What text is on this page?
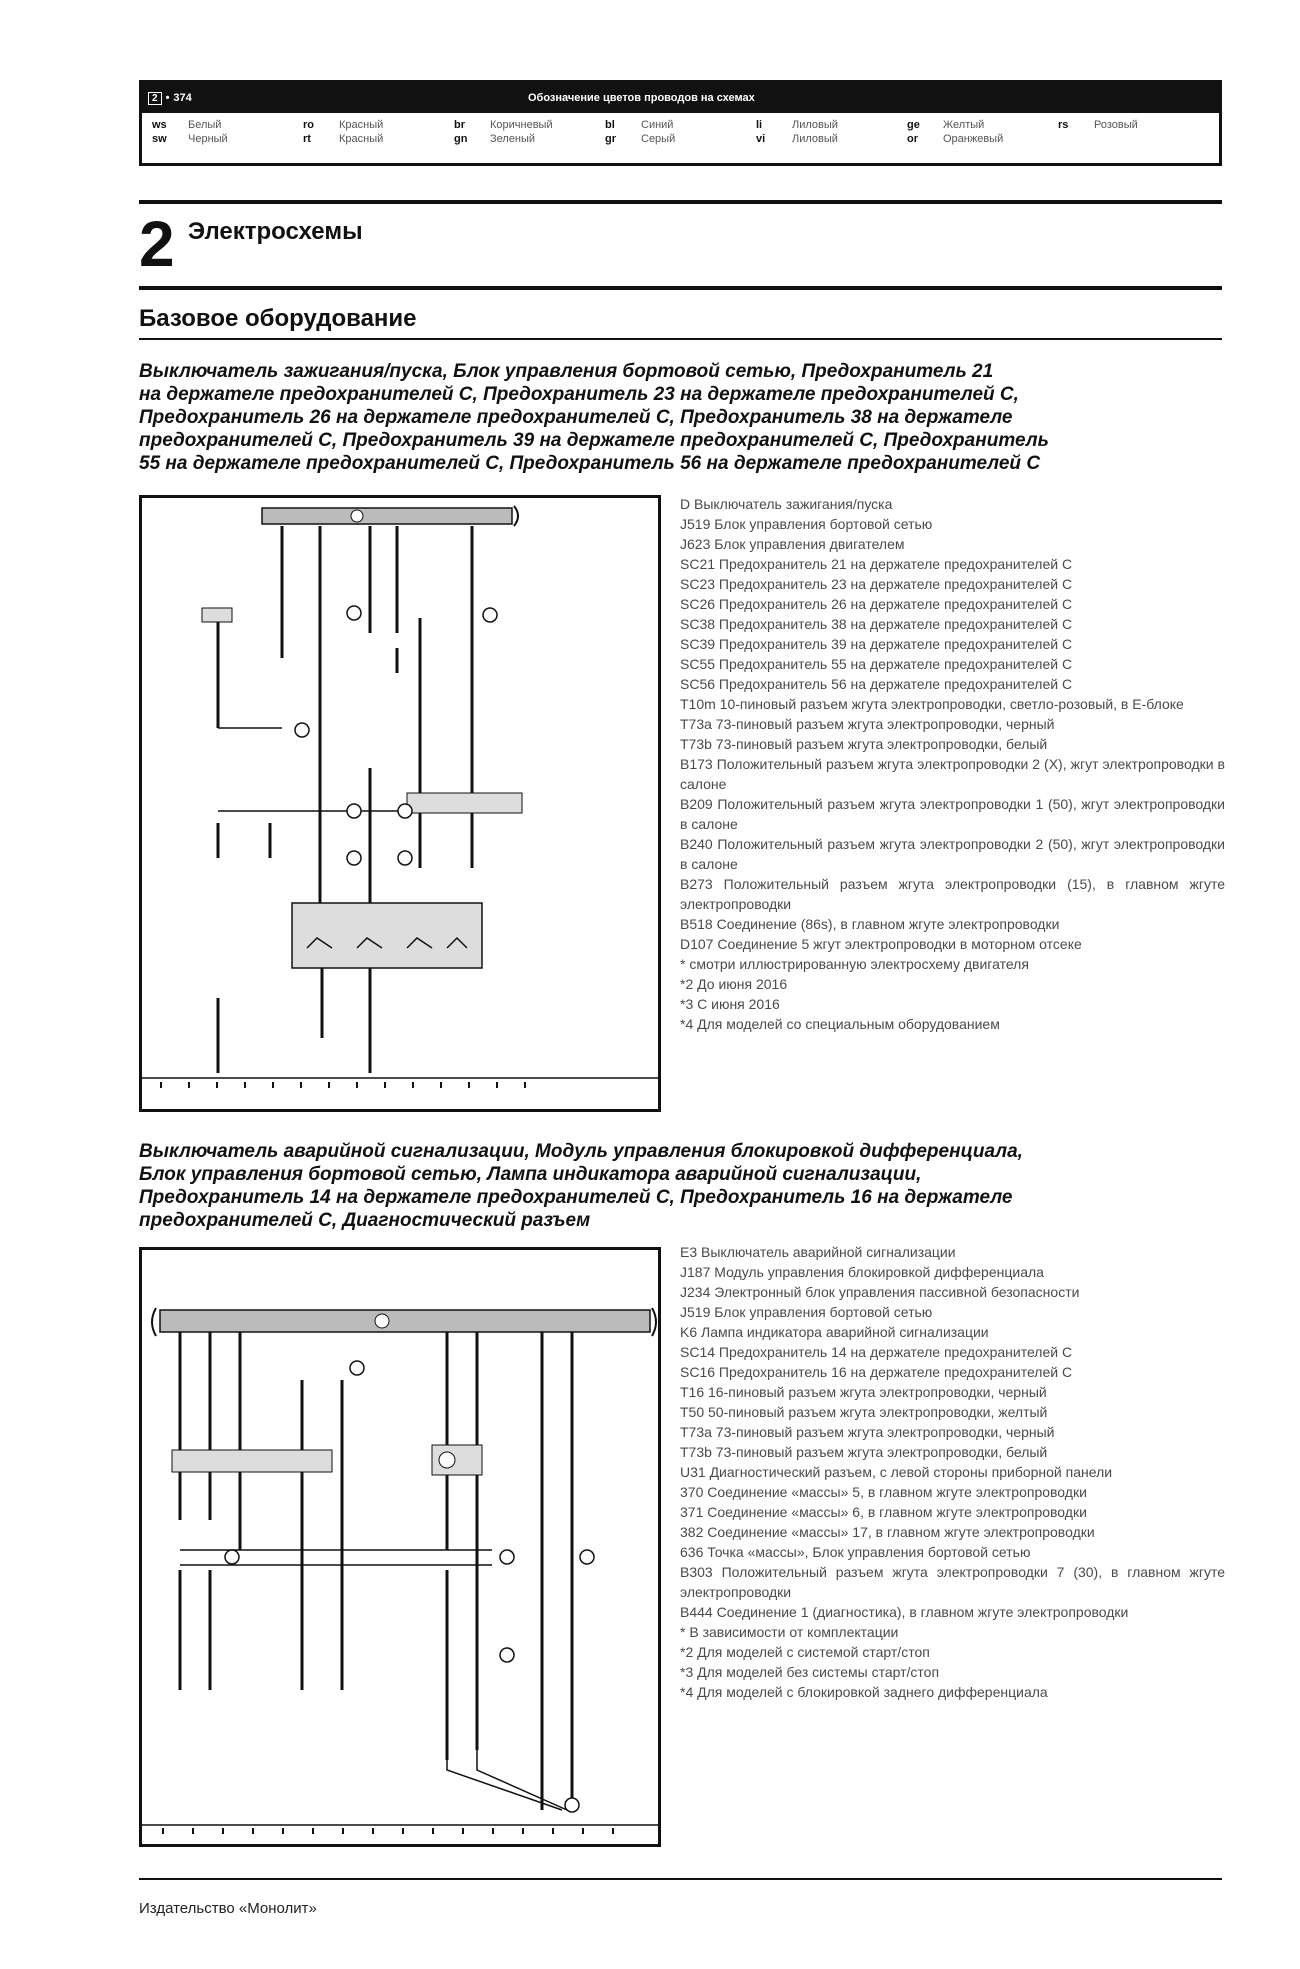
2 • 374	Обозначение цветов проводов на схемах
ws	Белый	ro	Красный	br	Коричневый	bl	Синий	li	Лиловый	ge	Желтый	rs	Розовый
sw	Черный	rt	Красный	gn	Зеленый	gr	Серый	vi	Лиловый	or	Оранжевый
2 Электросхемы
Базовое оборудование
Выключатель зажигания/пуска, Блок управления бортовой сетью, Предохранитель 21
на держателе предохранителей С, Предохранитель 23 на держателе предохранителей С,
Предохранитель 26 на держателе предохранителей С, Предохранитель 38 на держателе
предохранителей С, Предохранитель 39 на держателе предохранителей С, Предохранитель
55 на держателе предохранителей С, Предохранитель 56 на держателе предохранителей С
D Выключатель зажигания/пуска
J519 Блок управления бортовой сетью
J623 Блок управления двигателем
SC21 Предохранитель 21 на держателе предохранителей С
SC23 Предохранитель 23 на держателе предохранителей С
SC26 Предохранитель 26 на держателе предохранителей С
SC38 Предохранитель 38 на держателе предохранителей С
SC39 Предохранитель 39 на держателе предохранителей С
SC55 Предохранитель 55 на держателе предохранителей С
SC56 Предохранитель 56 на держателе предохранителей С
T10m 10-пиновый разъем жгута электропроводки, светло-розовый, в E-блоке
T73a 73-пиновый разъем жгута электропроводки, черный
T73b 73-пиновый разъем жгута электропроводки, белый
B173 Положительный разъем жгута электропроводки 2 (X), жгут электропроводки в салоне
B209 Положительный разъем жгута электропроводки 1 (50), жгут электропроводки в салоне
B240 Положительный разъем жгута электропроводки 2 (50), жгут электропроводки в салоне
B273 Положительный разъем жгута электропроводки (15), в главном жгуте электропроводки
B518 Соединение (86s), в главном жгуте электропроводки
D107 Соединение 5 жгут электропроводки в моторном отсеке
* смотри иллюстрированную электросхему двигателя
*2 До июня 2016
*3 С июня 2016
*4 Для моделей со специальным оборудованием
Выключатель аварийной сигнализации, Модуль управления блокировкой дифференциала,
Блок управления бортовой сетью, Лампа индикатора аварийной сигнализации,
Предохранитель 14 на держателе предохранителей С, Предохранитель 16 на держателе
предохранителей С, Диагностический разъем
E3 Выключатель аварийной сигнализации
J187 Модуль управления блокировкой дифференциала
J234 Электронный блок управления пассивной безопасности
J519 Блок управления бортовой сетью
K6 Лампа индикатора аварийной сигнализации
SC14 Предохранитель 14 на держателе предохранителей С
SC16 Предохранитель 16 на держателе предохранителей С
T16 16-пиновый разъем жгута электропроводки, черный
T50 50-пиновый разъем жгута электропроводки, желтый
T73a 73-пиновый разъем жгута электропроводки, черный
T73b 73-пиновый разъем жгута электропроводки, белый
U31 Диагностический разъем, с левой стороны приборной панели
370 Соединение «массы» 5, в главном жгуте электропроводки
371 Соединение «массы» 6, в главном жгуте электропроводки
382 Соединение «массы» 17, в главном жгуте электропроводки
636 Точка «массы», Блок управления бортовой сетью
B303 Положительный разъем жгута электропроводки 7 (30), в главном жгуте электропроводки
B444 Соединение 1 (диагностика), в главном жгуте электропроводки
* В зависимости от комплектации
*2 Для моделей с системой старт/стоп
*3 Для моделей без системы старт/стоп
*4 Для моделей с блокировкой заднего дифференциала
Издательство «Монолит»
